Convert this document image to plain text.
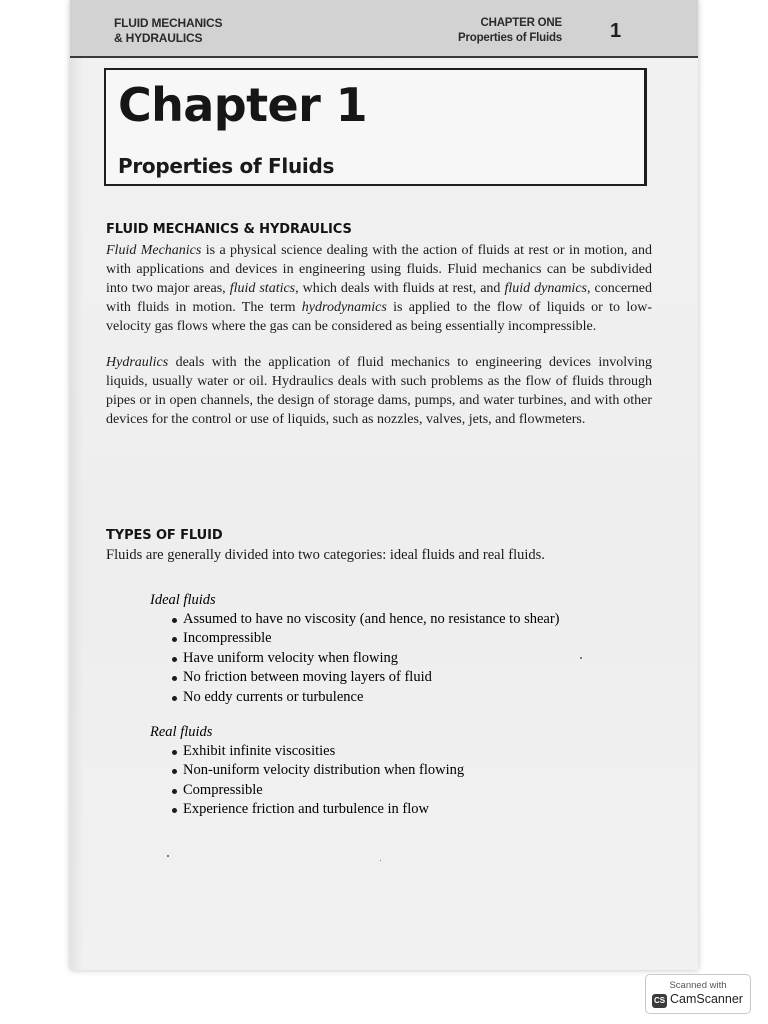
FLUID MECHANICS
& HYDRAULICS
CHAPTER ONE
Properties of Fluids 1
Chapter 1
Properties of Fluids
FLUID MECHANICS & HYDRAULICS

Fluid Mechanics is a physical science dealing with the action of fluids at rest or in motion, and with applications and devices in engineering using fluids. Fluid mechanics can be subdivided into two major areas, fluid statics, which deals with fluids at rest, and fluid dynamics, concerned with fluids in motion. The term hydrodynamics is applied to the flow of liquids or to low-velocity gas flows where the gas can be considered as being essentially incompressible.

Hydraulics deals with the application of fluid mechanics to engineering devices involving liquids, usually water or oil. Hydraulics deals with such problems as the flow of fluids through pipes or in open channels, the design of storage dams, pumps, and water turbines, and with other devices for the control or use of liquids, such as nozzles, valves, jets, and flowmeters.

TYPES OF FLUID

Fluids are generally divided into two categories: ideal fluids and real fluids.

Ideal fluids
Assumed to have no viscosity (and hence, no resistance to shear)
Incompressible
Have uniform velocity when flowing
No friction between moving layers of fluid
No eddy currents or turbulence
Real fluids
Exhibit infinite viscosities
Non-uniform velocity distribution when flowing
Compressible
Experience friction and turbulence in flow
Scanned with
CS CamScanner
